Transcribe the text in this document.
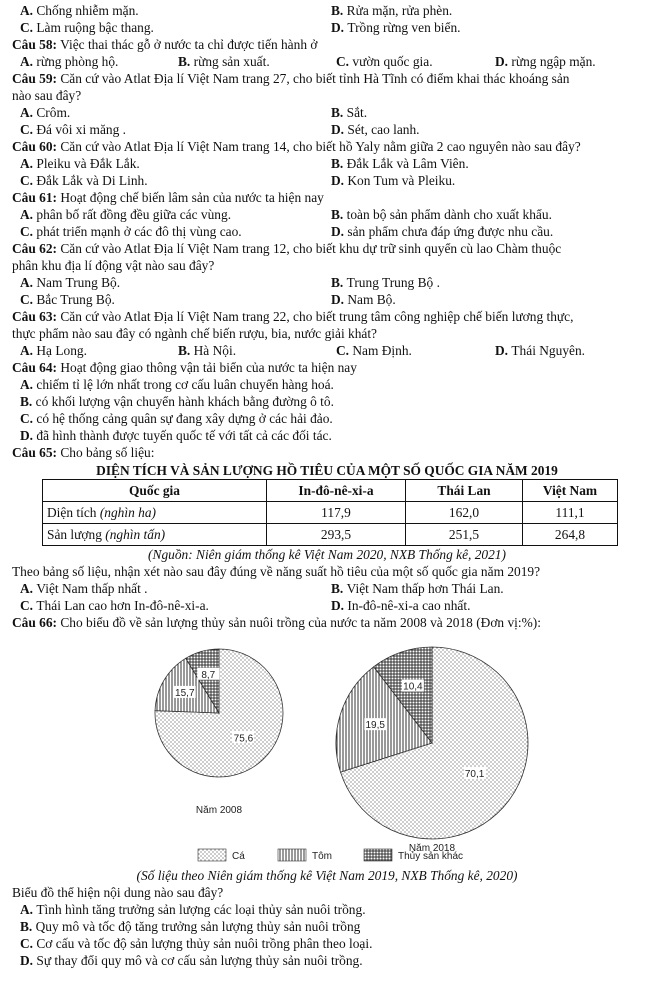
A. Chống nhiễm mặn.	B. Rửa mặn, rửa phèn.
C. Làm ruộng bậc thang.	D. Trồng rừng ven biển.
Câu 58: Việc thai thác gỗ ở nước ta chỉ được tiến hành ở
A. rừng phòng hộ.	B. rừng sản xuất.	C. vườn quốc gia.	D. rừng ngập mặn.
Câu 59: Căn cứ vào Atlat Địa lí Việt Nam trang 27, cho biết tỉnh Hà Tĩnh có điểm khai thác khoáng sản
nào sau đây?
A. Crôm.	B. Sắt.
C. Đá vôi xi măng .	D. Sét, cao lanh.
Câu 60: Căn cứ vào Atlat Địa lí Việt Nam trang 14, cho biết hồ Yaly nằm giữa 2 cao nguyên nào sau đây?
A. Pleiku và Đắk Lắk.	B. Đắk Lắk và Lâm Viên.
C. Đắk Lắk và Di Linh.	D. Kon Tum và Pleiku.
Câu 61: Hoạt động chế biến lâm sản của nước ta hiện nay
A. phân bố rất đồng đều giữa các vùng.	B. toàn bộ sản phẩm dành cho xuất khẩu.
C. phát triển mạnh ở các đô thị vùng cao.	D. sản phẩm chưa đáp ứng được nhu cầu.
Câu 62: Căn cứ vào Atlat Địa lí Việt Nam trang 12, cho biết khu dự trữ sinh quyển cù lao Chàm thuộc
phân khu địa lí động vật nào sau đây?
A. Nam Trung Bộ.	B. Trung Trung Bộ .
C. Bắc Trung Bộ.	D. Nam Bộ.
Câu 63: Căn cứ vào Atlat Địa lí Việt Nam trang 22, cho biết trung tâm công nghiệp chế biến lương thực,
thực phẩm nào sau đây có ngành chế biến rượu, bia, nước giải khát?
A. Hạ Long.	B. Hà Nội.	C. Nam Định.	D. Thái Nguyên.
Câu 64: Hoạt động giao thông vận tải biển của nước ta hiện nay
A. chiếm tỉ lệ lớn nhất trong cơ cấu luân chuyển hàng hoá.
B. có khối lượng vận chuyển hành khách bằng đường ô tô.
C. có hệ thống cảng quân sự đang xây dựng ở các hải đảo.
D. đã hình thành được tuyến quốc tế với tất cả các đối tác.
Câu 65: Cho bảng số liệu:
DIỆN TÍCH VÀ SẢN LƯỢNG HỒ TIÊU CỦA MỘT SỐ QUỐC GIA NĂM 2019
Quốc gia	In-đô-nê-xi-a	Thái Lan	Việt Nam
Diện tích (nghìn ha)	117,9	162,0	111,1
Sản lượng (nghìn tấn)	293,5	251,5	264,8
(Nguồn: Niên giám thống kê Việt Nam 2020, NXB Thống kê, 2021)
Theo bảng số liệu, nhận xét nào sau đây đúng về năng suất hồ tiêu của một số quốc gia năm 2019?
A. Việt Nam thấp nhất .	B. Việt Nam thấp hơn Thái Lan.
C. Thái Lan cao hơn In-đô-nê-xi-a.	D. In-đô-nê-xi-a cao nhất.
Câu 66: Cho biểu đồ về sản lượng thủy sản nuôi trồng của nước ta năm 2008 và 2018 (Đơn vị:%):
75,6
15,7
8,7
Năm 2008
70,1
19,5
10,4
Năm 2018
Cá	Tôm	Thủy sản khác
(Số liệu theo Niên giám thống kê Việt Nam 2019, NXB Thống kê, 2020)
Biểu đồ thể hiện nội dung nào sau đây?
A. Tình hình tăng trưởng sản lượng các loại thủy sản nuôi trồng.
B. Quy mô và tốc độ tăng trưởng sản lượng thủy sản nuôi trồng
C. Cơ cấu và tốc độ sản lượng thủy sản nuôi trồng phân theo loại.
D. Sự thay đổi quy mô và cơ cấu sản lượng thủy sản nuôi trồng.
